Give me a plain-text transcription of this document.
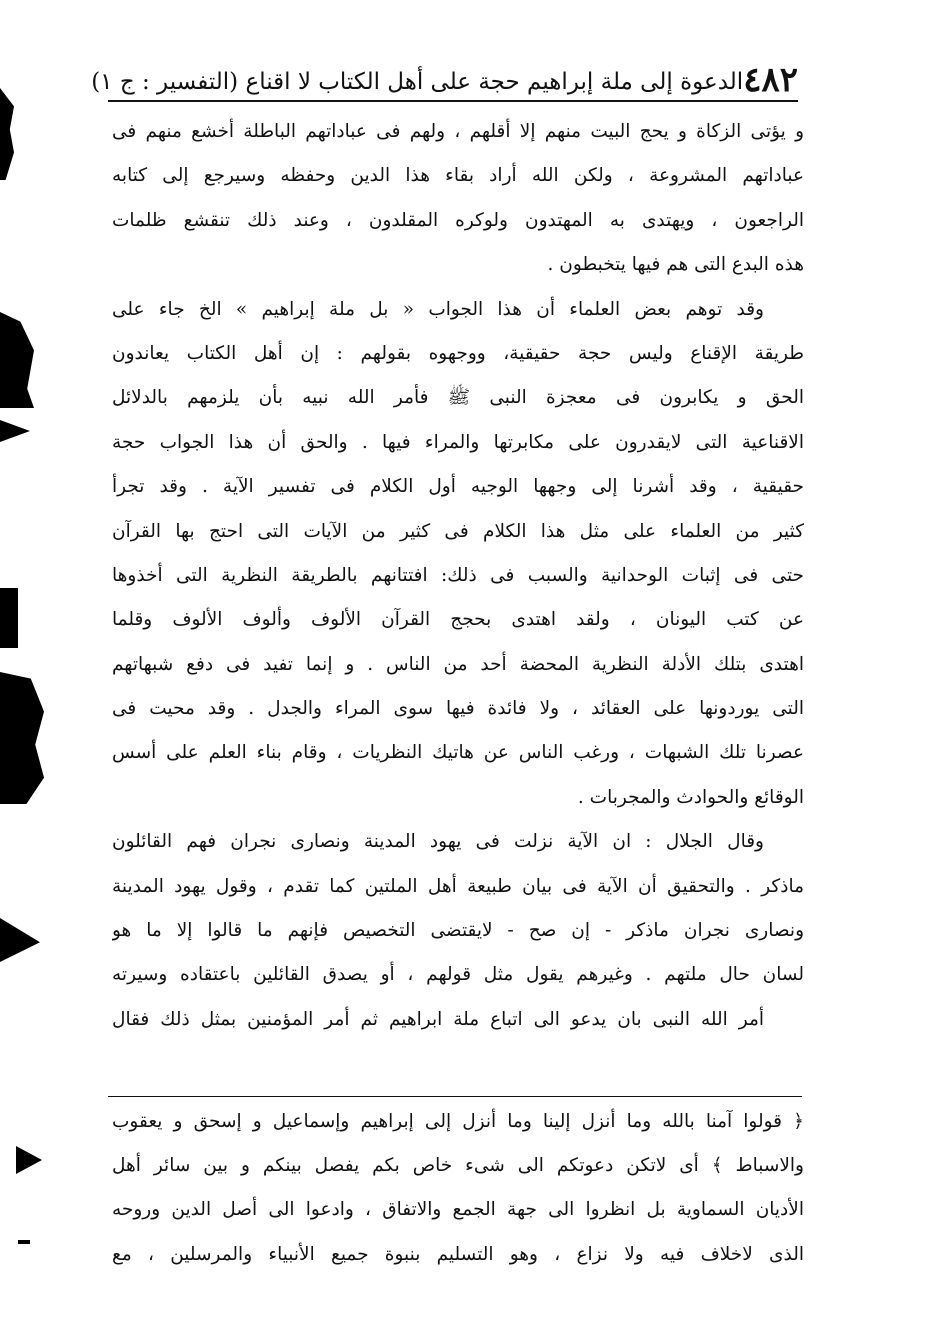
٤٨٢
الدعوة إلى ملة إبراهيم حجة على أهل الكتاب لا اقناع (التفسير : ج ١)
و يؤتى الزكاة و يحج البيت منهم إلا أقلهم ، ولهم فى عباداتهم الباطلة أخشع منهم فى
عباداتهم المشروعة ، ولكن الله أراد بقاء هذا الدين وحفظه وسيرجع إلى كتابه
الراجعون ، ويهتدى به المهتدون ولوكره المقلدون ، وعند ذلك تنقشع ظلمات
هذه البدع التى هم فيها يتخبطون .
وقد توهم بعض العلماء أن هذا الجواب « بل ملة إبراهيم » الخ جاء على
طريقة الإقناع وليس حجة حقيقية، ووجهوه بقولهم : إن أهل الكتاب يعاندون
الحق و يكابرون فى معجزة النبى ﷺ فأمر الله نبيه بأن يلزمهم بالدلائل
الاقناعية التى لايقدرون على مكابرتها والمراء فيها . والحق أن هذا الجواب حجة
حقيقية ، وقد أشرنا إلى وجهها الوجيه أول الكلام فى تفسير الآية . وقد تجرأ
كثير من العلماء على مثل هذا الكلام فى كثير من الآيات التى احتج بها القرآن
حتى فى إثبات الوحدانية والسبب فى ذلك: افتتانهم بالطريقة النظرية التى أخذوها
عن كتب اليونان ، ولقد اهتدى بحجج القرآن الألوف وألوف الألوف وقلما
اهتدى بتلك الأدلة النظرية المحضة أحد من الناس . و إنما تفيد فى دفع شبهاتهم
التى يوردونها على العقائد ، ولا فائدة فيها سوى المراء والجدل . وقد محيت فى
عصرنا تلك الشبهات ، ورغب الناس عن هاتيك النظريات ، وقام بناء العلم على أسس
الوقائع والحوادث والمجربات .
وقال الجلال : ان الآية نزلت فى يهود المدينة ونصارى نجران فهم القائلون
ماذكر . والتحقيق أن الآية فى بيان طبيعة أهل الملتين كما تقدم ، وقول يهود المدينة
ونصارى نجران ماذكر - إن صح - لايقتضى التخصيص فإنهم ما قالوا إلا ما هو
لسان حال ملتهم . وغيرهم يقول مثل قولهم ، أو يصدق القائلين باعتقاده وسيرته
أمر الله النبى بان يدعو الى اتباع ملة ابراهيم ثم أمر المؤمنين بمثل ذلك فقال
﴿ قولوا آمنا بالله وما أنزل إلينا وما أنزل إلى إبراهيم وإسماعيل و إسحق و يعقوب
والاسباط ﴾ أى لاتكن دعوتكم الى شىء خاص بكم يفصل بينكم و بين سائر أهل
الأديان السماوية بل انظروا الى جهة الجمع والاتفاق ، وادعوا الى أصل الدين وروحه
الذى لاخلاف فيه ولا نزاع ، وهو التسليم بنبوة جميع الأنبياء والمرسلين ، مع
